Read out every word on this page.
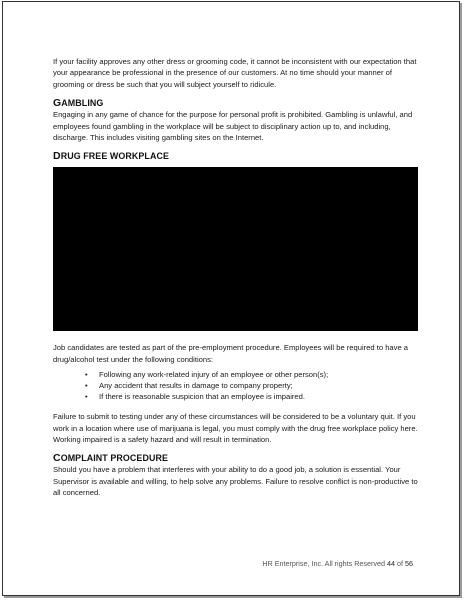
If your facility approves any other dress or grooming code, it cannot be inconsistent with our expectation that your appearance be professional in the presence of our customers. At no time should your manner of grooming or dress be such that you will subject yourself to ridicule.

GAMBLING

Engaging in any game of chance for the purpose for personal profit is prohibited. Gambling is unlawful, and employees found gambling in the workplace will be subject to disciplinary action up to, and including, discharge. This includes visiting gambling sites on the Internet.

DRUG FREE WORKPLACE

Job candidates are tested as part of the pre-employment procedure. Employees will be required to have a drug/alcohol test under the following conditions:

• Following any work-related injury of an employee or other person(s);
• Any accident that results in damage to company property;
• If there is reasonable suspicion that an employee is impaired.

Failure to submit to testing under any of these circumstances will be considered to be a voluntary quit. If you work in a location where use of marijuana is legal, you must comply with the drug free workplace policy here. Working impaired is a safety hazard and will result in termination.

COMPLAINT PROCEDURE

Should you have a problem that interferes with your ability to do a good job, a solution is essential. Your Supervisor is available and willing, to help solve any problems. Failure to resolve conflict is non-productive to all concerned.

HR Enterprise, Inc. All rights Reserved 44 of 56
